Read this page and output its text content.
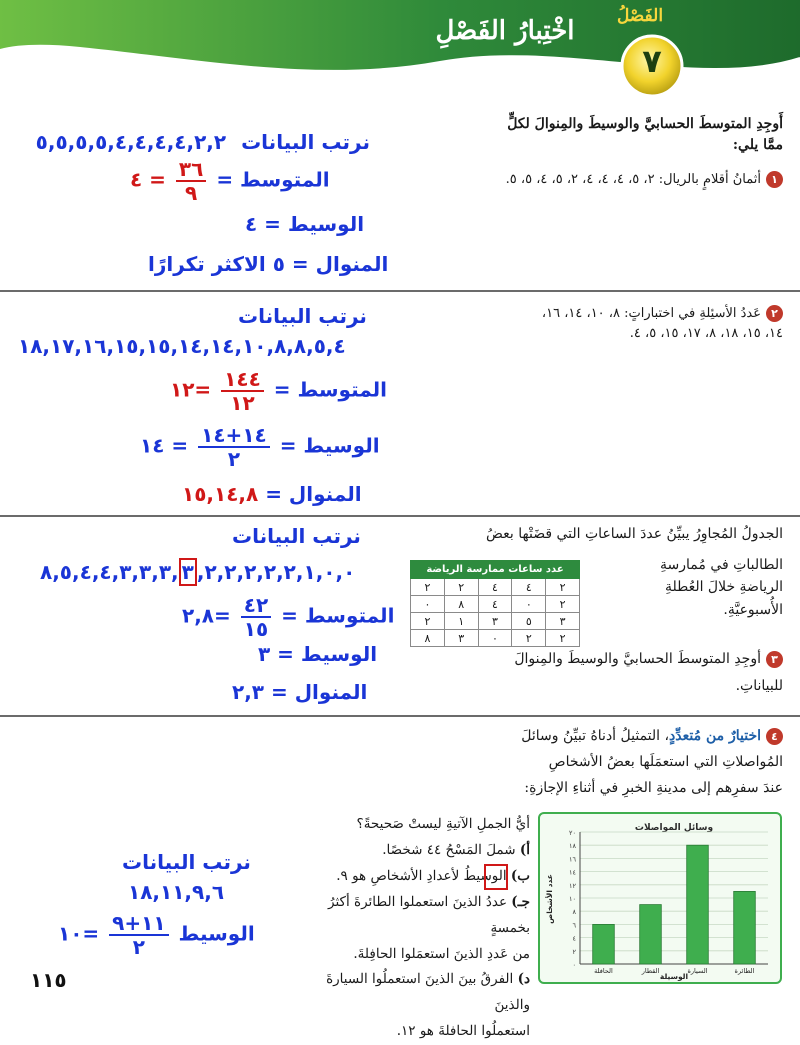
الفَصْلُ
٧
اخْتِبارُ الفَصْلِ
أَوجِدِ المتوسطَ الحسابيَّ والوسيطَ والمِنوالَ لكلٍّ
ممَّا يلي:
١أثمانُ أقلامٍ بالريال: ٢، ٥، ٤، ٤، ٤، ٢، ٥، ٤، ٥، ٥.
نرتب البيانات ٥,٥,٥,٥,٤,٤,٤,٤,٢,٢
المتوسط =
$\frac{٣٦}{٩}$
= ٤
الوسيط = ٤
المنوال = ٥ الاكثر تكرارًا
٢عَددُ الأسئِلةِ في اختباراتٍ: ٨، ١٠، ١٤، ١٦،
١٤، ١٥، ١٨، ٨، ١٧، ١٥، ٥، ٤.
نرتب البيانات
١٨,١٧,١٦,١٥,١٥,١٤,١٤,١٠,٨,٨,٥,٤
المتوسط =
$\frac{١٤٤}{١٢}$
=١٢
الوسيط =
$\frac{١٤+١٤}{٢}$
= ١٤
المنوال = ١٥,١٤,٨
الجدولُ المُجاوِرُ يبيِّنُ عددَ الساعاتِ التي قضَتْها بعضُ
الطالباتِ في مُمارسةِ
الرياضةِ خلالَ العُطلةِ
الأُسبوعيَّةِ.
عدد ساعات ممارسة الرياضة				
٢	٢	٤	٤	٢
٠	٨	٤	٠	٢
٢	١	٣	٥	٣
٨	٣	٠	٢	٢
٣أوجِدِ المتوسطَ الحسابيَّ والوسيطَ والمِنوالَ
للبياناتِ.
نرتب البيانات
٨,٥,٤,٤,٣,٣,٣, ٣ ,٢,٢,٢,٢,٢,١,٠,٠
المتوسط =
$\frac{٤٢}{١٥}$
=٢,٨
الوسيط = ٣
المنوال = ٢,٣
٤اختيارٌ من مُتعدِّدٍ، التمثيلُ أدناهُ تبيِّنُ وسائلَ
المُواصلاتِ التي استعمَلَها بعضُ الأشخاصِ
عندَ سفرِهم إلى مدينةِ الخبرِ في أثناءِ الإجازةِ:
أيُّ الجملِ الآتيةِ ليستْ صَحيحةً؟
أ) شملَ المَسْحُ ٤٤ شخصًا.
ب) الوسيطُ لأعدادِ الأشخاصِ هو ٩.
جـ) عددُ الذينَ استعملوا الطائرةَ أكثرُ بخمسةٍ
من عَددِ الذينَ استعمَلوا الحافِلةَ.
د) الفرقُ بينَ الذينَ استعملُوا السيارةَ والذينَ
استعملُوا الحافلةَ هو ١٢.
وسائل المواصلات
٠
٢
٤
٦
٨
١٠
١٢
١٤
١٦
١٨
٢٠
الحافلة	القطار	السيارة	الطائرة
الوسيلة
عدد الأشخاص
نرتب البيانات
١٨,١١,٩,٦
الوسيط
$\frac{١١+٩}{٢}$
=١٠
١١٥
